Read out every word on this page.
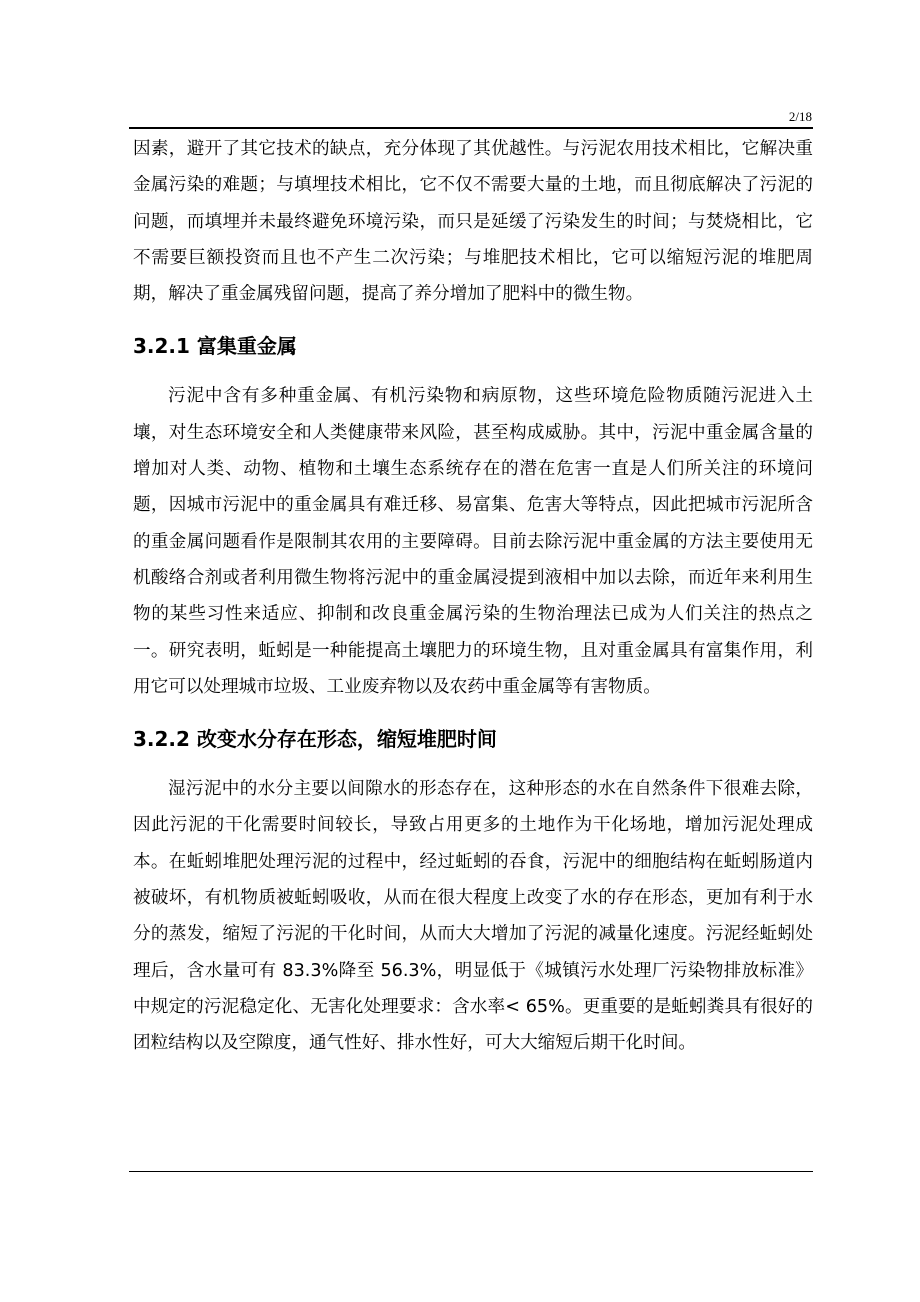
2/18

因素，避开了其它技术的缺点，充分体现了其优越性。与污泥农用技术相比，它解决重金属污染的难题；与填埋技术相比，它不仅不需要大量的土地，而且彻底解决了污泥的问题，而填埋并未最终避免环境污染，而只是延缓了污染发生的时间；与焚烧相比，它不需要巨额投资而且也不产生二次污染；与堆肥技术相比，它可以缩短污泥的堆肥周期，解决了重金属残留问题，提高了养分增加了肥料中的微生物。

3.2.1 富集重金属

污泥中含有多种重金属、有机污染物和病原物，这些环境危险物质随污泥进入土壤，对生态环境安全和人类健康带来风险，甚至构成威胁。其中，污泥中重金属含量的增加对人类、动物、植物和土壤生态系统存在的潜在危害一直是人们所关注的环境问题，因城市污泥中的重金属具有难迁移、易富集、危害大等特点，因此把城市污泥所含的重金属问题看作是限制其农用的主要障碍。目前去除污泥中重金属的方法主要使用无机酸络合剂或者利用微生物将污泥中的重金属浸提到液相中加以去除，而近年来利用生物的某些习性来适应、抑制和改良重金属污染的生物治理法已成为人们关注的热点之一。研究表明，蚯蚓是一种能提高土壤肥力的环境生物，且对重金属具有富集作用，利用它可以处理城市垃圾、工业废弃物以及农药中重金属等有害物质。

3.2.2 改变水分存在形态，缩短堆肥时间

湿污泥中的水分主要以间隙水的形态存在，这种形态的水在自然条件下很难去除，因此污泥的干化需要时间较长，导致占用更多的土地作为干化场地，增加污泥处理成本。在蚯蚓堆肥处理污泥的过程中，经过蚯蚓的吞食，污泥中的细胞结构在蚯蚓肠道内被破坏，有机物质被蚯蚓吸收，从而在很大程度上改变了水的存在形态，更加有利于水分的蒸发，缩短了污泥的干化时间，从而大大增加了污泥的减量化速度。污泥经蚯蚓处理后，含水量可有 83.3%降至 56.3%，明显低于《城镇污水处理厂污染物排放标准》中规定的污泥稳定化、无害化处理要求：含水率< 65%。更重要的是蚯蚓粪具有很好的团粒结构以及空隙度，通气性好、排水性好，可大大缩短后期干化时间。
